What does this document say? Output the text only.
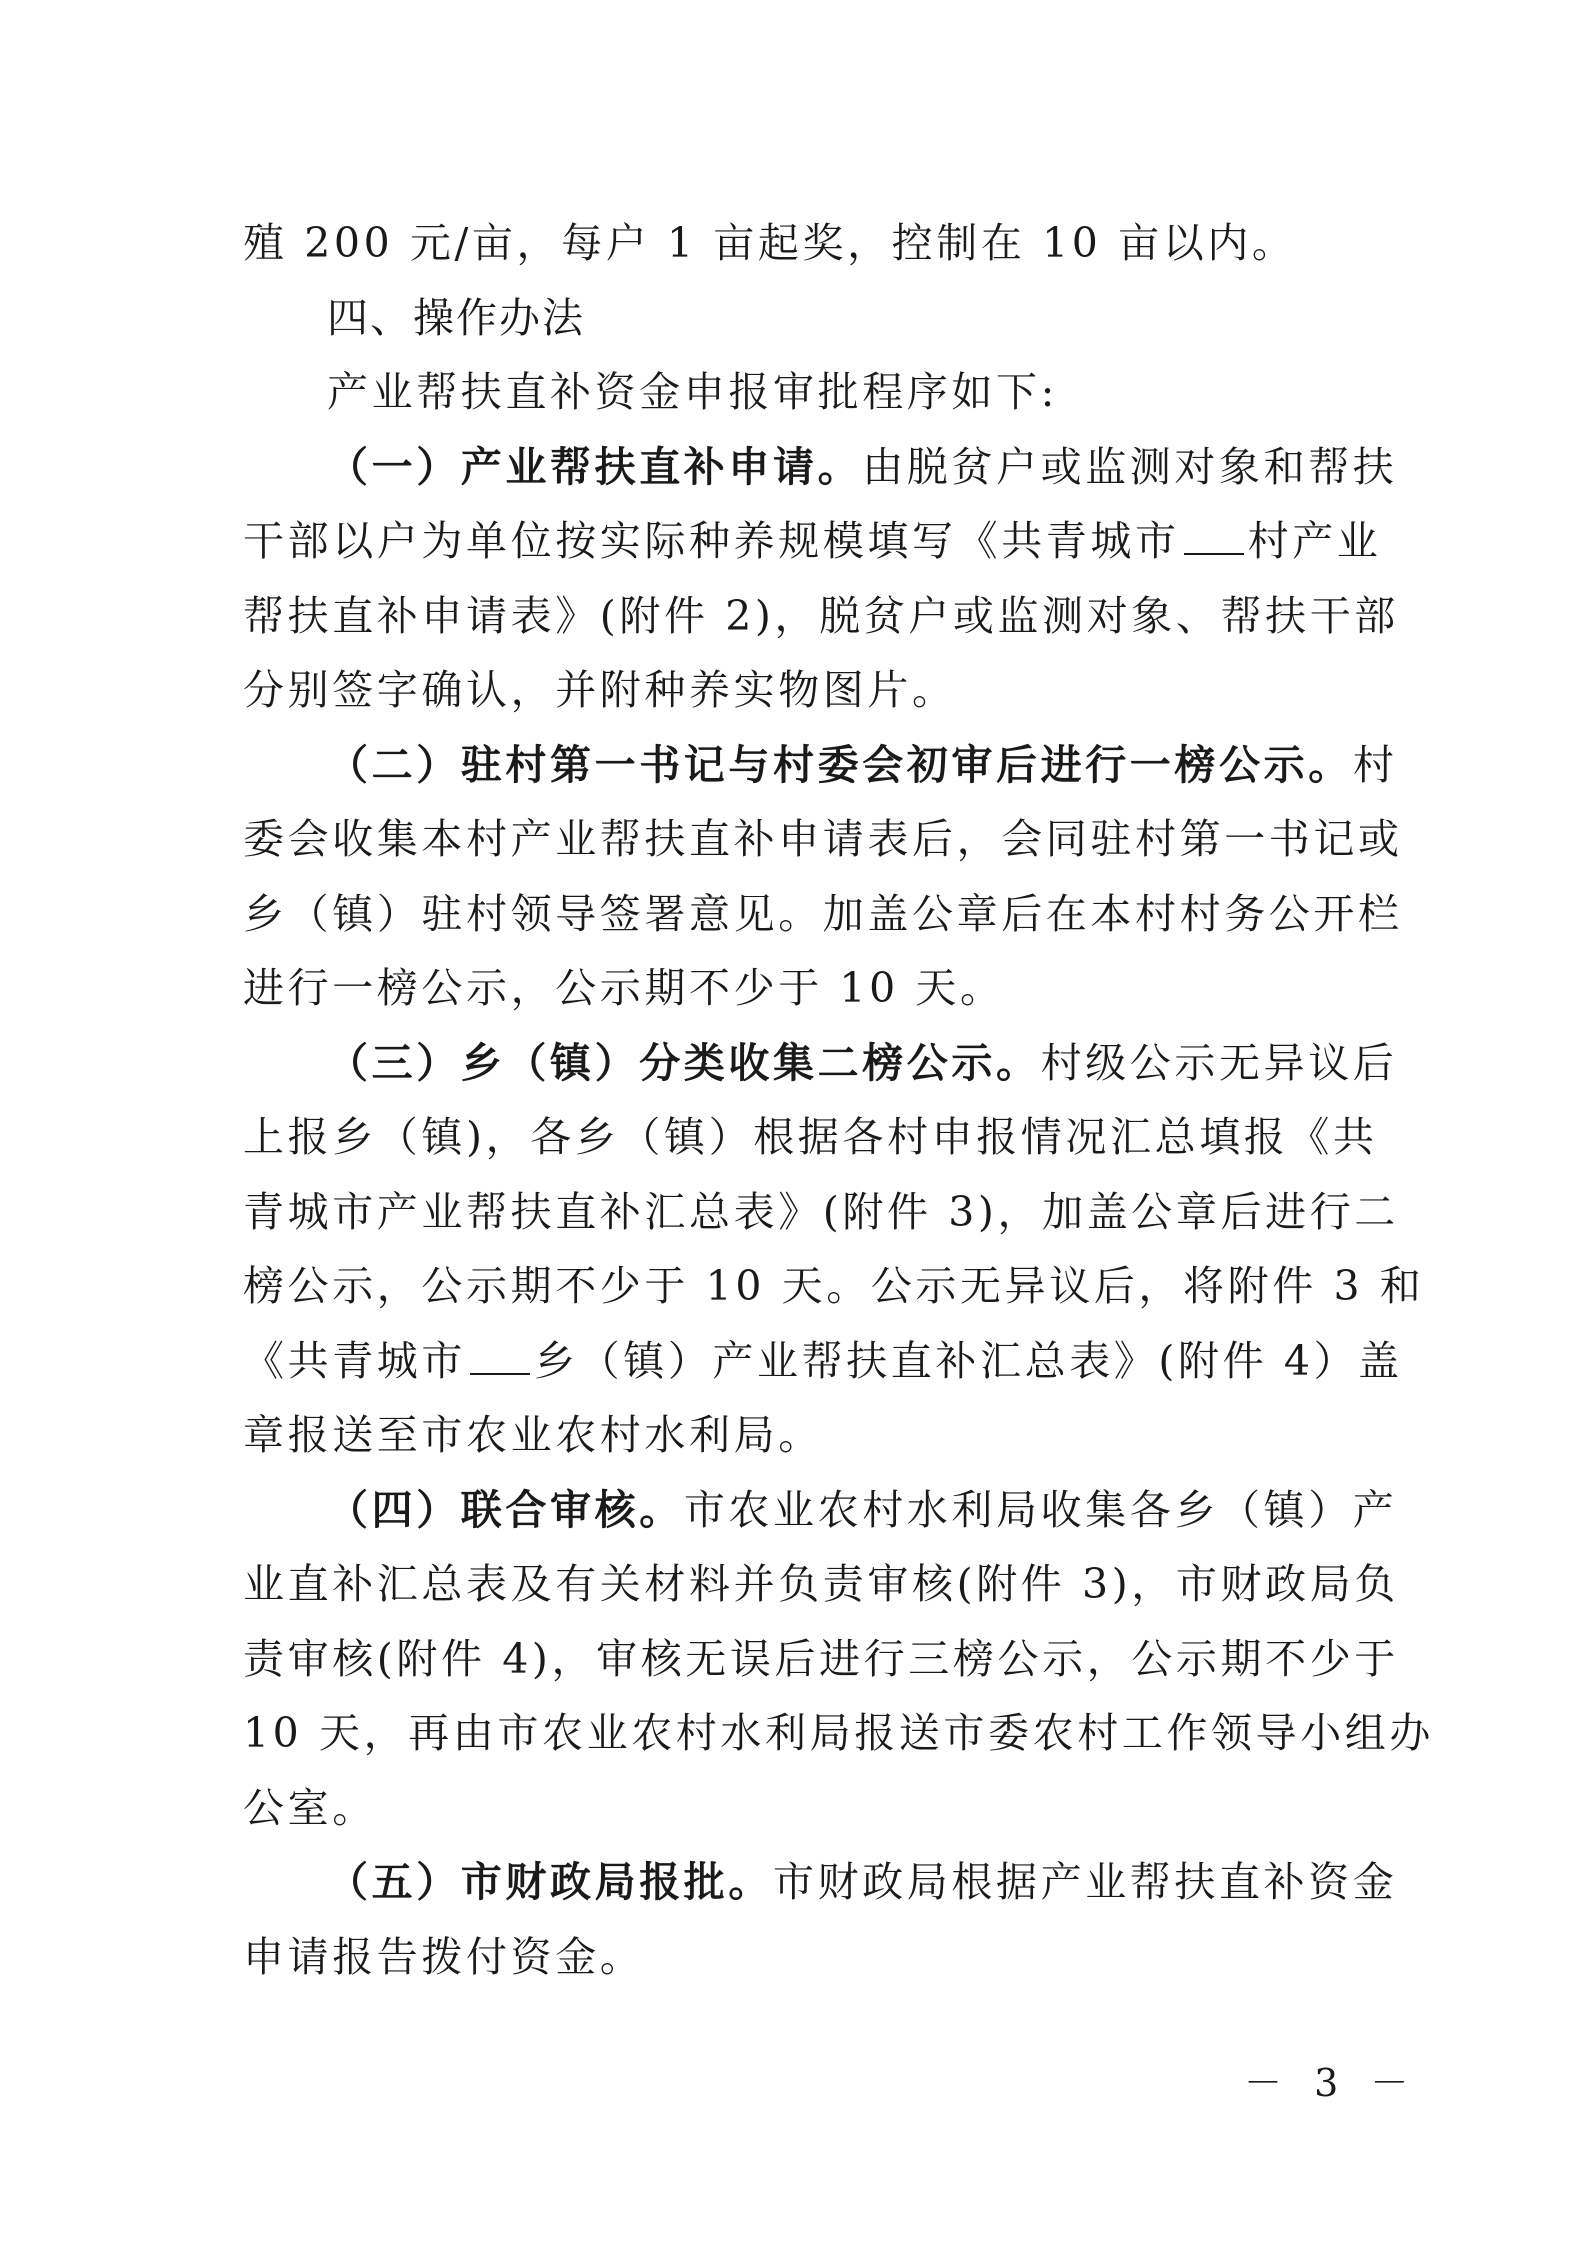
殖 200 元/亩，每户 1 亩起奖，控制在 10 亩以内。
四、操作办法
产业帮扶直补资金申报审批程序如下:
（一）产业帮扶直补申请。由脱贫户或监测对象和帮扶
干部以户为单位按实际种养规模填写《共青城市 村产业
帮扶直补申请表》(附件 2)，脱贫户或监测对象、帮扶干部
分别签字确认，并附种养实物图片。
（二）驻村第一书记与村委会初审后进行一榜公示。村
委会收集本村产业帮扶直补申请表后，会同驻村第一书记或
乡（镇）驻村领导签署意见。加盖公章后在本村村务公开栏
进行一榜公示，公示期不少于 10 天。
（三）乡（镇）分类收集二榜公示。村级公示无异议后
上报乡（镇)，各乡（镇）根据各村申报情况汇总填报《共
青城市产业帮扶直补汇总表》(附件 3)，加盖公章后进行二
榜公示，公示期不少于 10 天。公示无异议后，将附件 3 和
《共青城市 乡（镇）产业帮扶直补汇总表》(附件 4）盖
章报送至市农业农村水利局。
（四）联合审核。市农业农村水利局收集各乡（镇）产
业直补汇总表及有关材料并负责审核(附件 3)，市财政局负
责审核(附件 4)，审核无误后进行三榜公示，公示期不少于
10 天，再由市农业农村水利局报送市委农村工作领导小组办
公室。
（五）市财政局报批。市财政局根据产业帮扶直补资金
申请报告拨付资金。
－ 3 －
